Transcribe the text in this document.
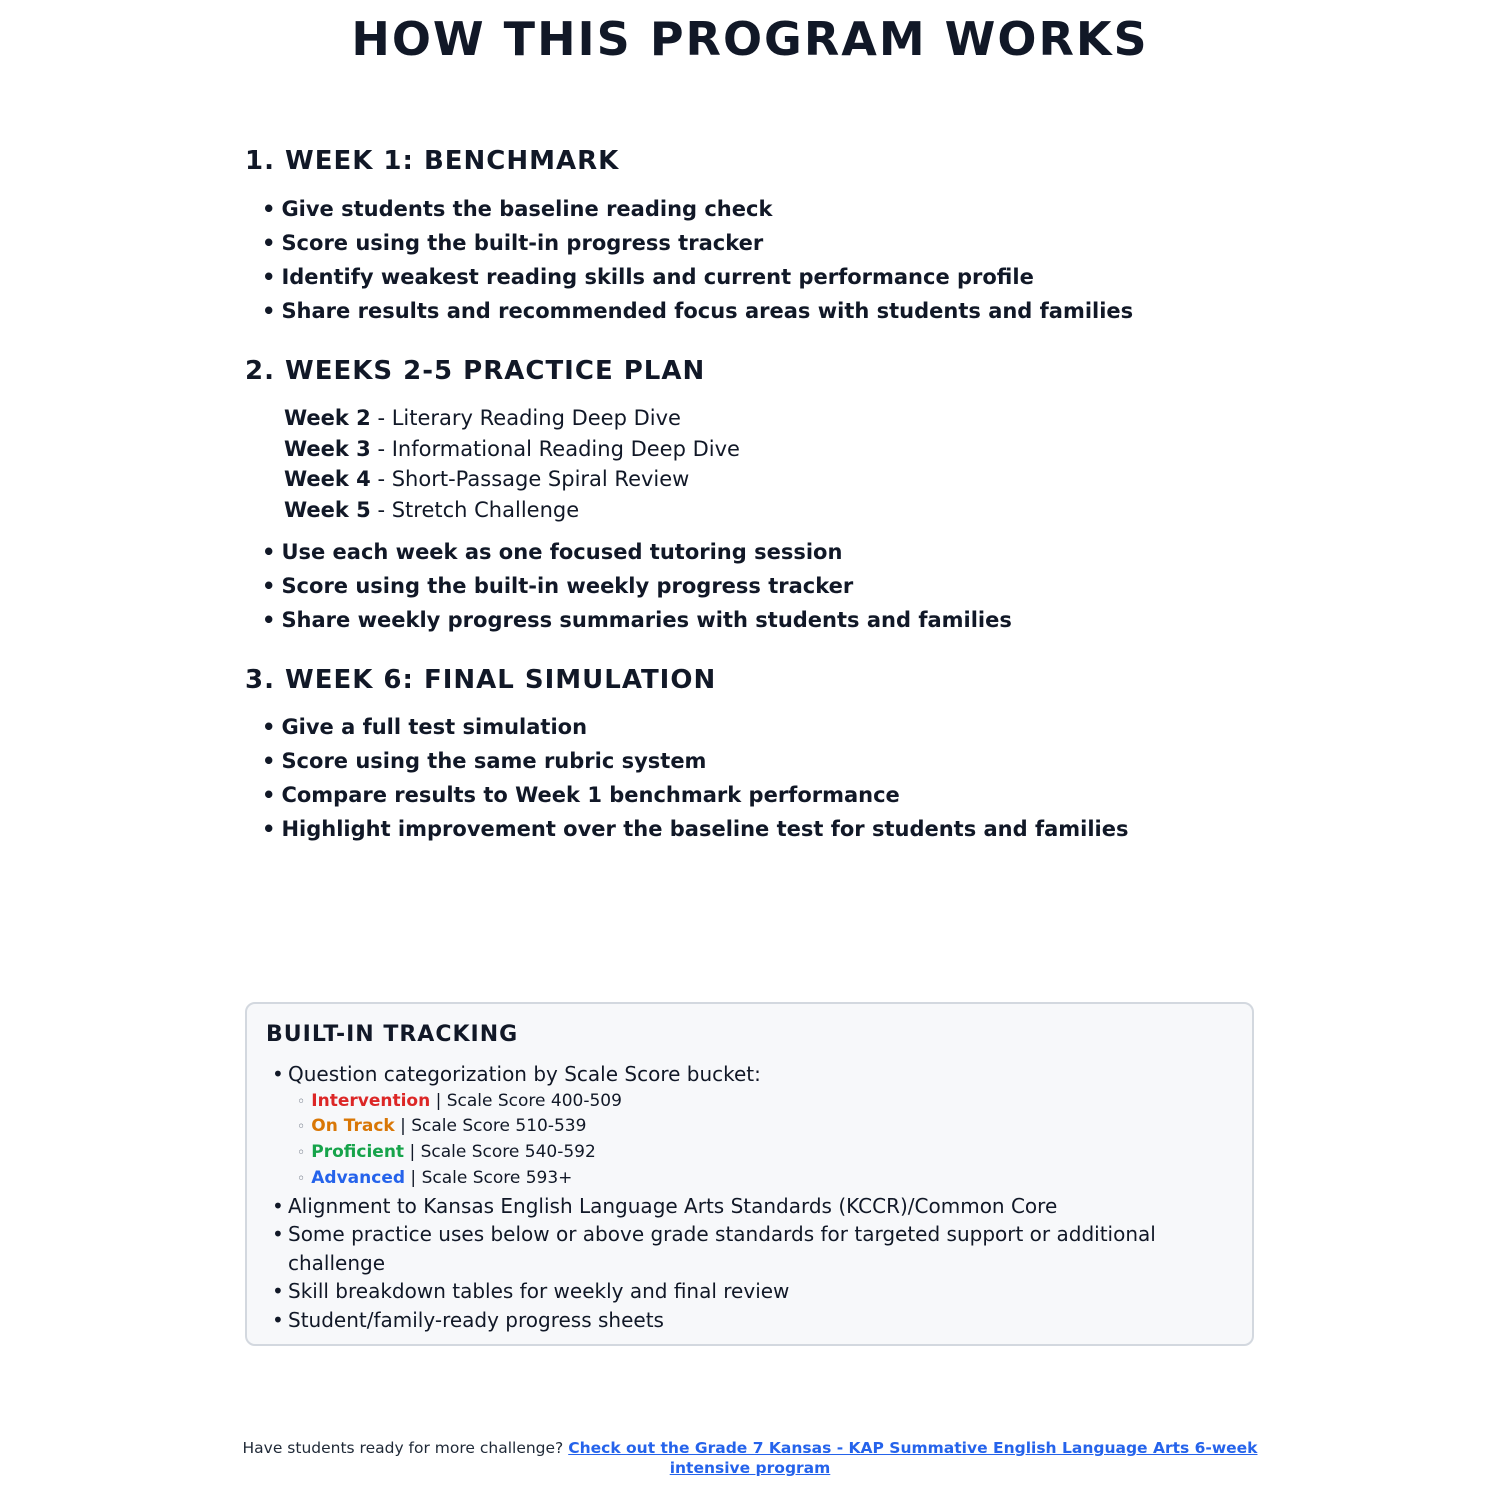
HOW THIS PROGRAM WORKS
1. WEEK 1: BENCHMARK
• Give students the baseline reading check
• Score using the built-in progress tracker
• Identify weakest reading skills and current performance profile
• Share results and recommended focus areas with students and families
2. WEEKS 2-5 PRACTICE PLAN
Week 2 - Literary Reading Deep Dive
Week 3 - Informational Reading Deep Dive
Week 4 - Short-Passage Spiral Review
Week 5 - Stretch Challenge
• Use each week as one focused tutoring session
• Score using the built-in weekly progress tracker
• Share weekly progress summaries with students and families
3. WEEK 6: FINAL SIMULATION
• Give a full test simulation
• Score using the same rubric system
• Compare results to Week 1 benchmark performance
• Highlight improvement over the baseline test for students and families
BUILT-IN TRACKING
• Question categorization by Scale Score bucket:
◦ Intervention | Scale Score 400-509
◦ On Track | Scale Score 510-539
◦ Proficient | Scale Score 540-592
◦ Advanced | Scale Score 593+
• Alignment to Kansas English Language Arts Standards (KCCR)/Common Core
• Some practice uses below or above grade standards for targeted support or additional challenge
• Skill breakdown tables for weekly and final review
• Student/family-ready progress sheets

Have students ready for more challenge? Check out the Grade 7 Kansas - KAP Summative English Language Arts 6-week intensive program
